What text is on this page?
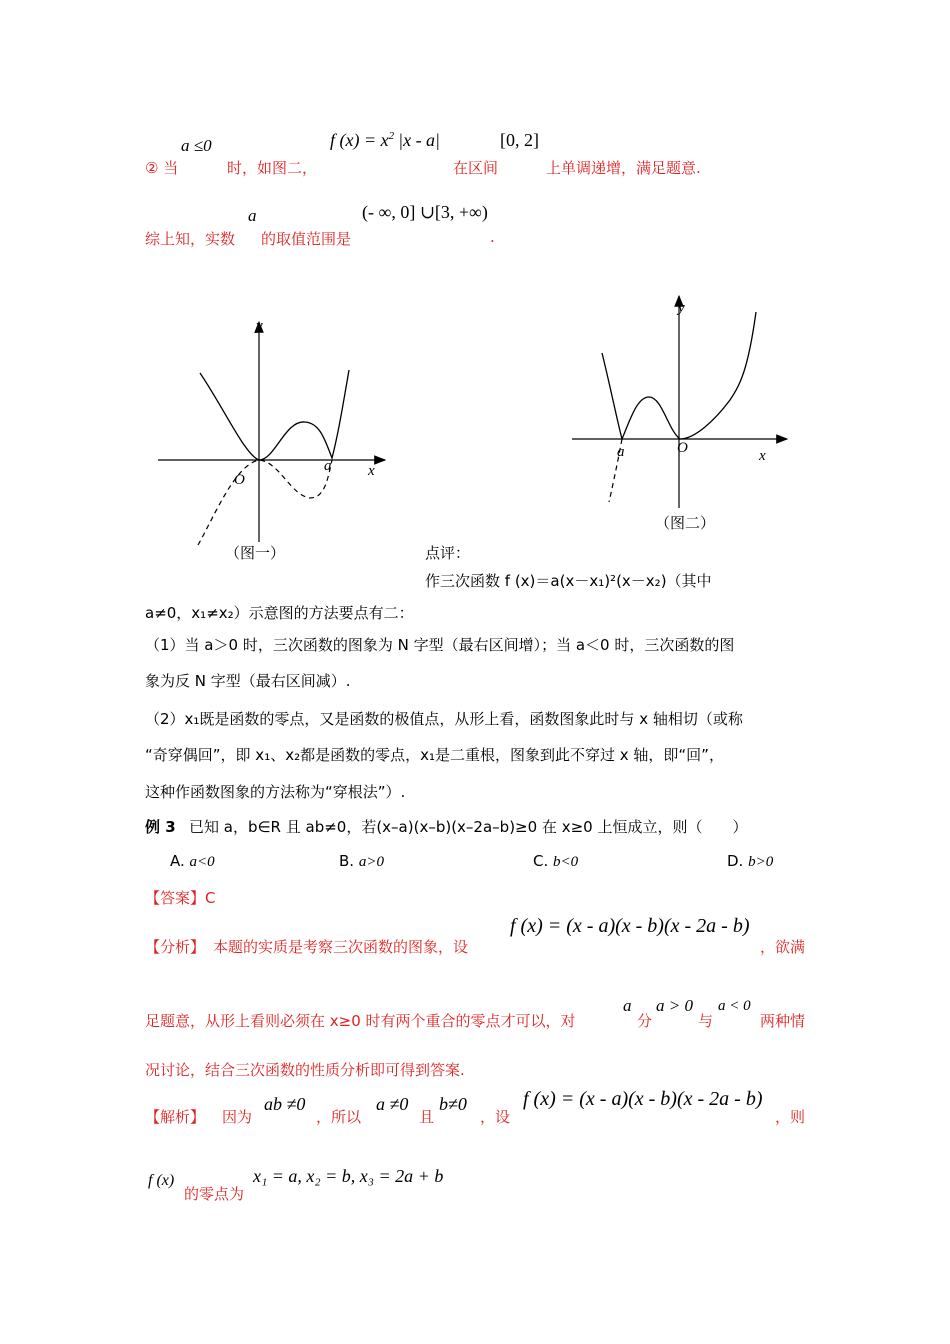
a ≤0	f $(x) = x^2$ |x - a|	[0, 2]
② 当	时，如图二，	在区间	上单调递增，满足题意.
a	(- ∞, 0] ∪[3, +∞)
综上知，实数 的取值范围是	.
y
x
O
a
（图一）
y
x
O
a
（图二）
点评：
作三次函数 f (x)＝a(x－x₁)²(x－x₂)（其中
a≠0，x₁≠x₂）示意图的方法要点有二：
（1）当 a＞0 时，三次函数的图象为 N 字型（最右区间增）；当 a＜0 时，三次函数的图
象为反 N 字型（最右区间减）.
（2）x₁既是函数的零点，又是函数的极值点，从形上看，函数图象此时与 x 轴相切（或称
“奇穿偶回”，即 x₁、x₂都是函数的零点，x₁是二重根，图象到此不穿过 x 轴，即“回”，
这种作函数图象的方法称为“穿根法”）.
例 3 已知 a，b∈R 且 ab≠0，若(x–a)(x–b)(x–2a–b)≥0 在 x≥0 上恒成立，则（　　）
A. a<0	B. a>0	C. b<0	D. b>0
【答案】C
【分析】 本题的实质是考察三次函数的图象，设
f (x) = (x - a)(x - b)(x - 2a - b)
，欲满
足题意，从形上看则必须在 x≥0 时有两个重合的零点才可以，对
a
分
a > 0
与
a < 0
两种情
况讨论，结合三次函数的性质分析即可得到答案.
【解析】 因为
ab ≠0
，所以
a ≠0
且
b≠0
，设
f (x) = (x - a)(x - b)(x - 2a - b)
，则
f (x)
的零点为
x₁ = a, x₂ = b, x₃ = 2a + b
